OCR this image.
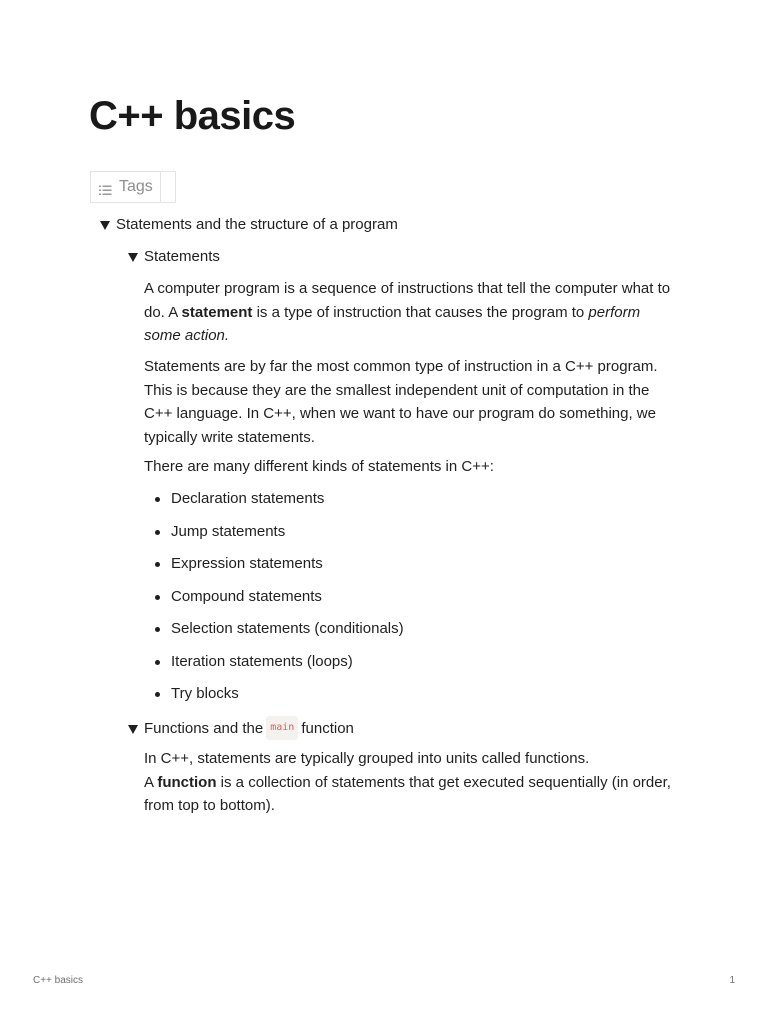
C++ basics
Tags
Statements and the structure of a program
Statements

A computer program is a sequence of instructions that tell the computer what to do. A statement is a type of instruction that causes the program to perform some action.

Statements are by far the most common type of instruction in a C++ program. This is because they are the smallest independent unit of computation in the C++ language. In C++, when we want to have our program do something, we typically write statements.

There are many different kinds of statements in C++:

Declaration statements
Jump statements
Expression statements
Compound statements
Selection statements (conditionals)
Iteration statements (loops)
Try blocks
Functions and the main function

In C++, statements are typically grouped into units called functions.
A function is a collection of statements that get executed sequentially (in order, from top to bottom).

C++ basics	1
